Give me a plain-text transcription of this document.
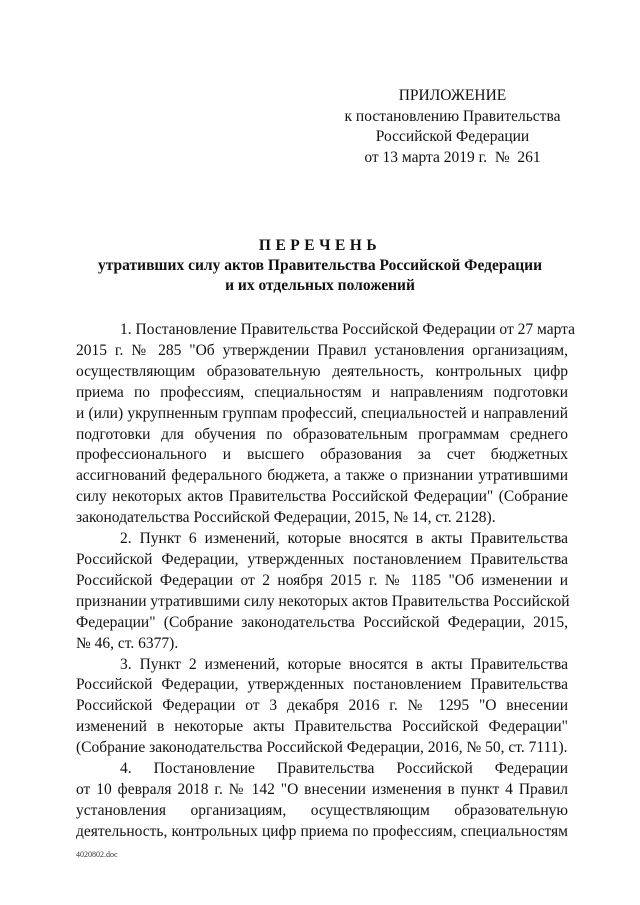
ПРИЛОЖЕНИЕ
к постановлению Правительства
Российской Федерации
от 13 марта 2019 г.  №  261
ПЕРЕЧЕНЬ
утративших силу актов Правительства Российской Федерации
и их отдельных положений
1. Постановление Правительства Российской Федерации от 27 марта
2015 г. № 285 "Об утверждении Правил установления организациям,
осуществляющим образовательную деятельность, контрольных цифр
приема по профессиям, специальностям и направлениям подготовки
и (или) укрупненным группам профессий, специальностей и направлений
подготовки для обучения по образовательным программам среднего
профессионального и высшего образования за счет бюджетных
ассигнований федерального бюджета, а также о признании утратившими
силу некоторых актов Правительства Российской Федерации" (Собрание
законодательства Российской Федерации, 2015, № 14, ст. 2128).
2. Пункт 6 изменений, которые вносятся в акты Правительства
Российской Федерации, утвержденных постановлением Правительства
Российской Федерации от 2 ноября 2015 г. № 1185 "Об изменении и
признании утратившими силу некоторых актов Правительства Российской
Федерации" (Собрание законодательства Российской Федерации, 2015,
№ 46, ст. 6377).
3. Пункт 2 изменений, которые вносятся в акты Правительства
Российской Федерации, утвержденных постановлением Правительства
Российской Федерации от 3 декабря 2016 г. № 1295 "О внесении
изменений в некоторые акты Правительства Российской Федерации"
(Собрание законодательства Российской Федерации, 2016, № 50, ст. 7111).
4. Постановление Правительства Российской Федерации
от 10 февраля 2018 г. № 142 "О внесении изменения в пункт 4 Правил
установления организациям, осуществляющим образовательную
деятельность, контрольных цифр приема по профессиям, специальностям
4020802.doc
